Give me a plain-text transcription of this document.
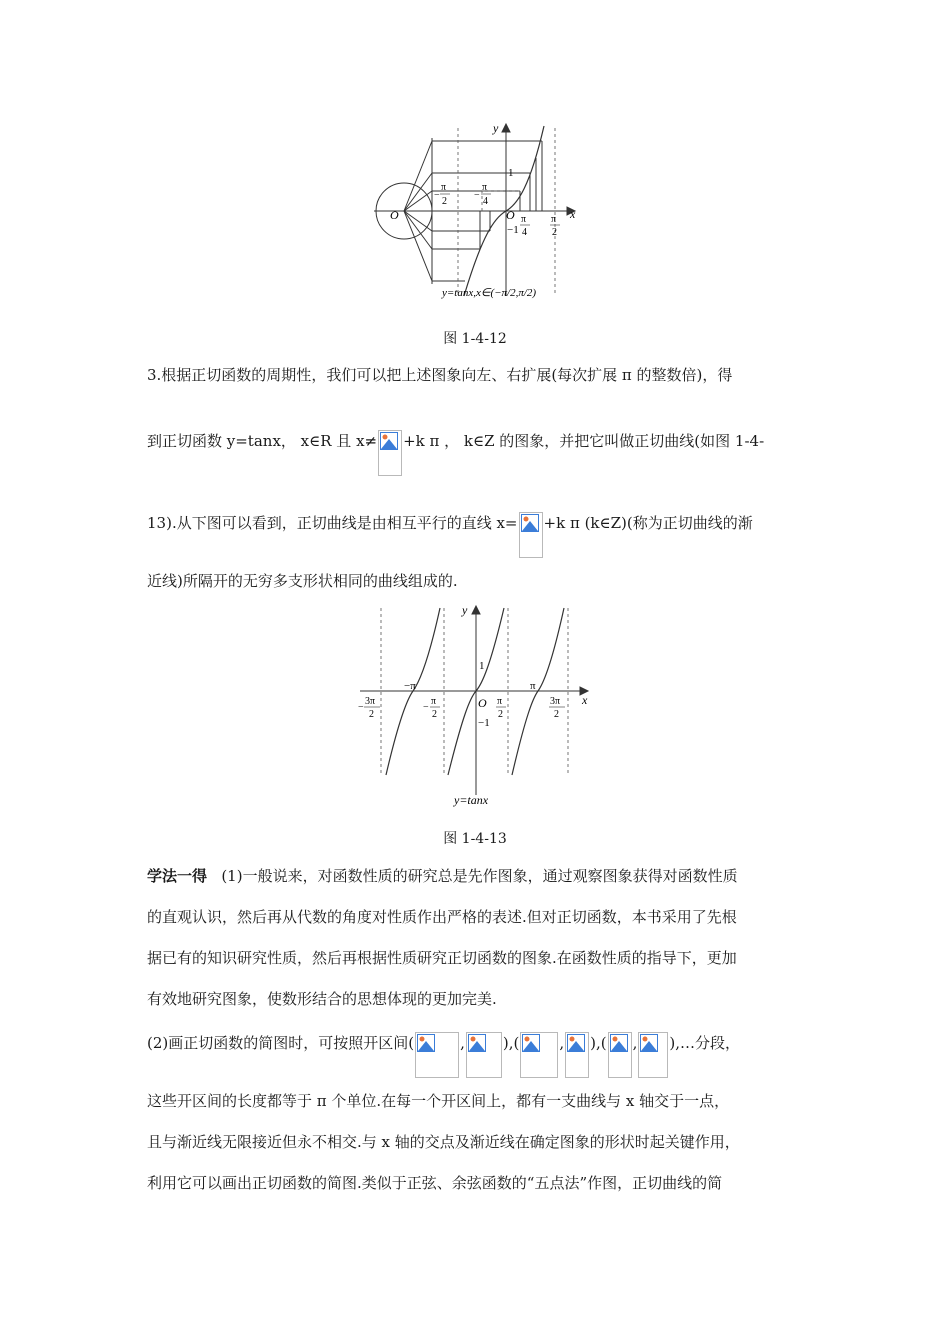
y
x
O	O
1
−1
−
π
2
−
π
4
π
4
π
2
y=tanx,x∈(−π/2,π/2)
图 1-4-12
3.根据正切函数的周期性，我们可以把上述图象向左、右扩展(每次扩展 π 的整数倍)，得
到正切函数 y=tanx， x∈R 且 x≠ +k π ， k∈Z 的图象，并把它叫做正切曲线(如图 1-4-
13).从下图可以看到，正切曲线是由相互平行的直线 x= +k π (k∈Z)(称为正切曲线的渐
近线)所隔开的无穷多支形状相同的曲线组成的.
y
x
O
1
−1
−π	π
−
3π
2
−
π
2
π
2
3π
2
y=tanx
图 1-4-13
学法一得 (1)一般说来，对函数性质的研究总是先作图象，通过观察图象获得对函数性质
的直观认识，然后再从代数的角度对性质作出严格的表述.但对正切函数，本书采用了先根
据已有的知识研究性质，然后再根据性质研究正切函数的图象.在函数性质的指导下，更加
有效地研究图象，使数形结合的思想体现的更加完美.
(2)画正切函数的简图时，可按照开区间(	,	),(	, ),( , ),…分段，
这些开区间的长度都等于 π 个单位.在每一个开区间上，都有一支曲线与 x 轴交于一点，
且与渐近线无限接近但永不相交.与 x 轴的交点及渐近线在确定图象的形状时起关键作用，
利用它可以画出正切函数的简图.类似于正弦、余弦函数的“五点法”作图，正切曲线的简
